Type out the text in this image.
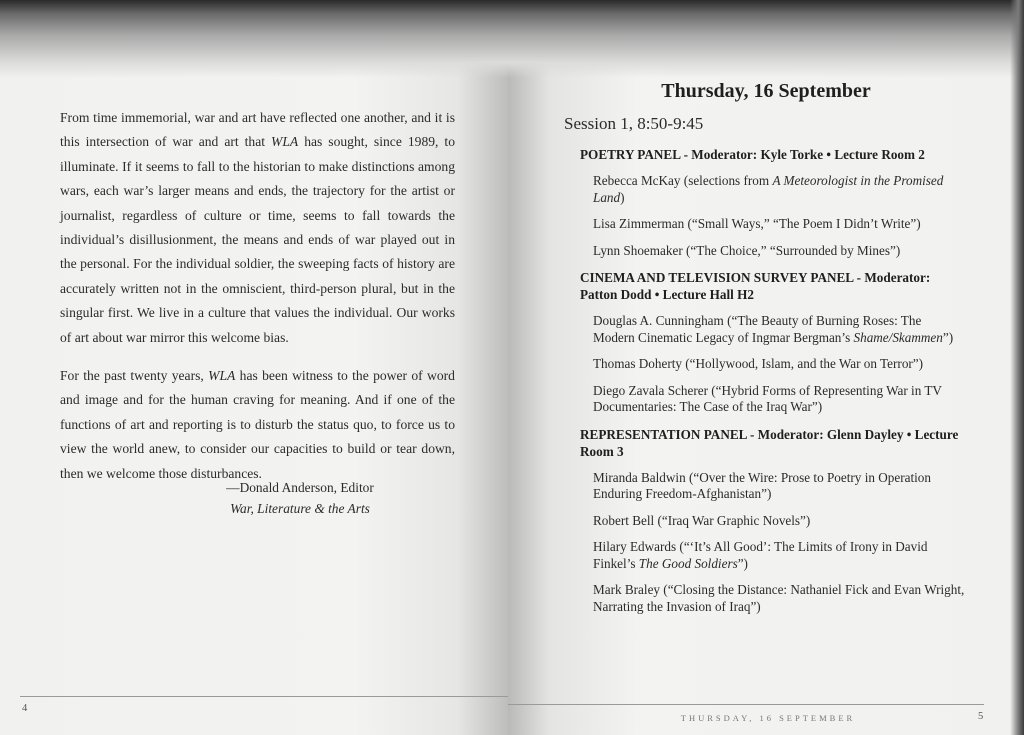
From time immemorial, war and art have reflected one another, and it is this intersection of war and art that WLA has sought, since 1989, to illuminate. If it seems to fall to the historian to make distinctions among wars, each war’s larger means and ends, the trajectory for the artist or journalist, regardless of culture or time, seems to fall towards the individual’s disillusionment, the means and ends of war played out in the personal. For the individual soldier, the sweeping facts of history are accurately written not in the omniscient, third-person plural, but in the singular first. We live in a culture that values the individual. Our works of art about war mirror this welcome bias.

For the past twenty years, WLA has been witness to the power of word and image and for the human craving for meaning. And if one of the functions of art and reporting is to disturb the status quo, to force us to view the world anew, to consider our capacities to build or tear down, then we welcome those disturbances.

—Donald Anderson, Editor
War, Literature & the Arts
4
Thursday, 16 September
Session 1, 8:50-9:45
POETRY PANEL - Moderator: Kyle Torke • Lecture Room 2
Rebecca McKay (selections from A Meteorologist in the Promised Land)
Lisa Zimmerman (“Small Ways,” “The Poem I Didn’t Write”)
Lynn Shoemaker (“The Choice,” “Surrounded by Mines”)
CINEMA AND TELEVISION SURVEY PANEL - Moderator: Patton Dodd • Lecture Hall H2
Douglas A. Cunningham (“The Beauty of Burning Roses: The Modern Cinematic Legacy of Ingmar Bergman’s Shame/Skammen”)
Thomas Doherty (“Hollywood, Islam, and the War on Terror”)
Diego Zavala Scherer (“Hybrid Forms of Representing War in TV Documentaries: The Case of the Iraq War”)
REPRESENTATION PANEL - Moderator: Glenn Dayley • Lecture Room 3
Miranda Baldwin (“Over the Wire: Prose to Poetry in Operation Enduring Freedom-Afghanistan”)
Robert Bell (“Iraq War Graphic Novels”)
Hilary Edwards (“‘It’s All Good’: The Limits of Irony in David Finkel’s The Good Soldiers”)
Mark Braley (“Closing the Distance: Nathaniel Fick and Evan Wright, Narrating the Invasion of Iraq”)
THURSDAY, 16 SEPTEMBER	5
